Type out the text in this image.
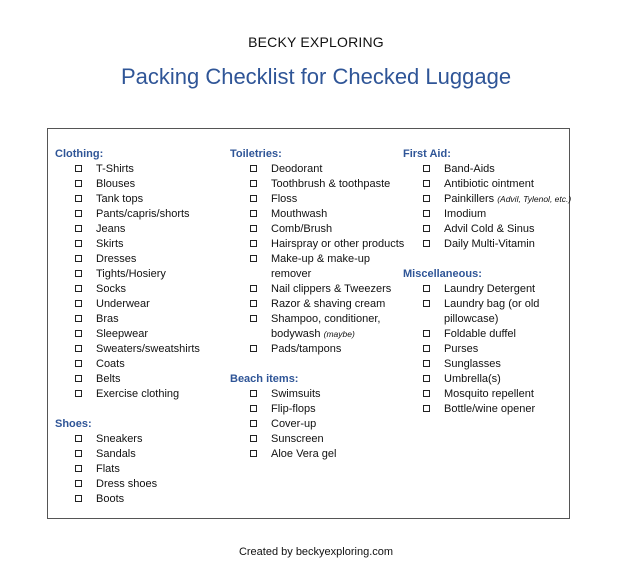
BECKY EXPLORING
Packing Checklist for Checked Luggage
Clothing:
T-Shirts
Blouses
Tank tops
Pants/capris/shorts
Jeans
Skirts
Dresses
Tights/Hosiery
Socks
Underwear
Bras
Sleepwear
Sweaters/sweatshirts
Coats
Belts
Exercise clothing
Shoes:
Sneakers
Sandals
Flats
Dress shoes
Boots
Toiletries:
Deodorant
Toothbrush & toothpaste
Floss
Mouthwash
Comb/Brush
Hairspray or other products
Make-up & make-up remover
Nail clippers & Tweezers
Razor & shaving cream
Shampoo, conditioner, bodywash (maybe)
Pads/tampons
Beach items:
Swimsuits
Flip-flops
Cover-up
Sunscreen
Aloe Vera gel
First Aid:
Band-Aids
Antibiotic ointment
Painkillers (Advil, Tylenol, etc.)
Imodium
Advil Cold & Sinus
Daily Multi-Vitamin
Miscellaneous:
Laundry Detergent
Laundry bag (or old pillowcase)
Foldable duffel
Purses
Sunglasses
Umbrella(s)
Mosquito repellent
Bottle/wine opener
Created by beckyexploring.com
